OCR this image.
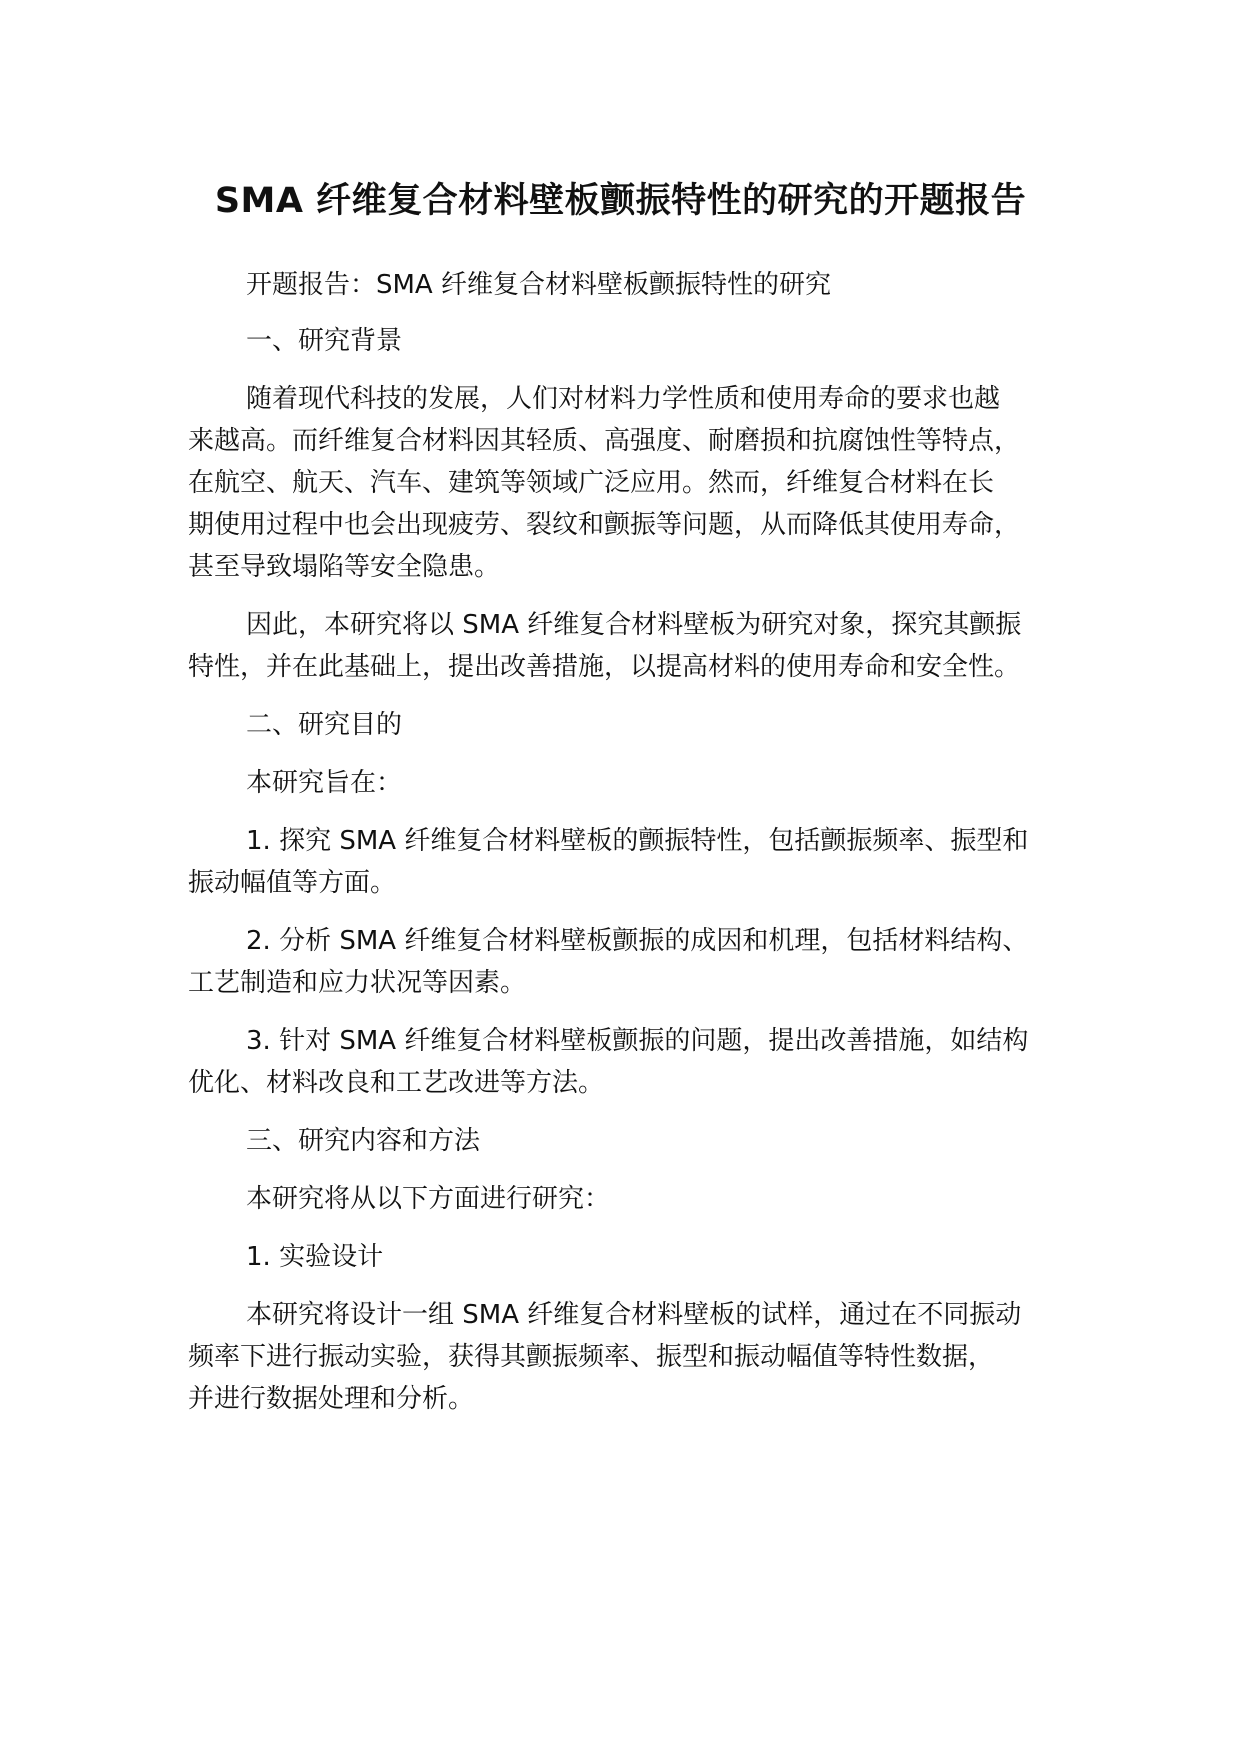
SMA 纤维复合材料壁板颤振特性的研究的开题报告

开题报告：SMA 纤维复合材料壁板颤振特性的研究

一、研究背景

随着现代科技的发展，人们对材料力学性质和使用寿命的要求也越

来越高。而纤维复合材料因其轻质、高强度、耐磨损和抗腐蚀性等特点，

在航空、航天、汽车、建筑等领域广泛应用。然而，纤维复合材料在长

期使用过程中也会出现疲劳、裂纹和颤振等问题，从而降低其使用寿命，

甚至导致塌陷等安全隐患。

因此，本研究将以 SMA 纤维复合材料壁板为研究对象，探究其颤振

特性，并在此基础上，提出改善措施，以提高材料的使用寿命和安全性。

二、研究目的

本研究旨在：

1. 探究 SMA 纤维复合材料壁板的颤振特性，包括颤振频率、振型和

振动幅值等方面。

2. 分析 SMA 纤维复合材料壁板颤振的成因和机理，包括材料结构、

工艺制造和应力状况等因素。

3. 针对 SMA 纤维复合材料壁板颤振的问题，提出改善措施，如结构

优化、材料改良和工艺改进等方法。

三、研究内容和方法

本研究将从以下方面进行研究：

1. 实验设计

本研究将设计一组 SMA 纤维复合材料壁板的试样，通过在不同振动

频率下进行振动实验，获得其颤振频率、振型和振动幅值等特性数据，

并进行数据处理和分析。
